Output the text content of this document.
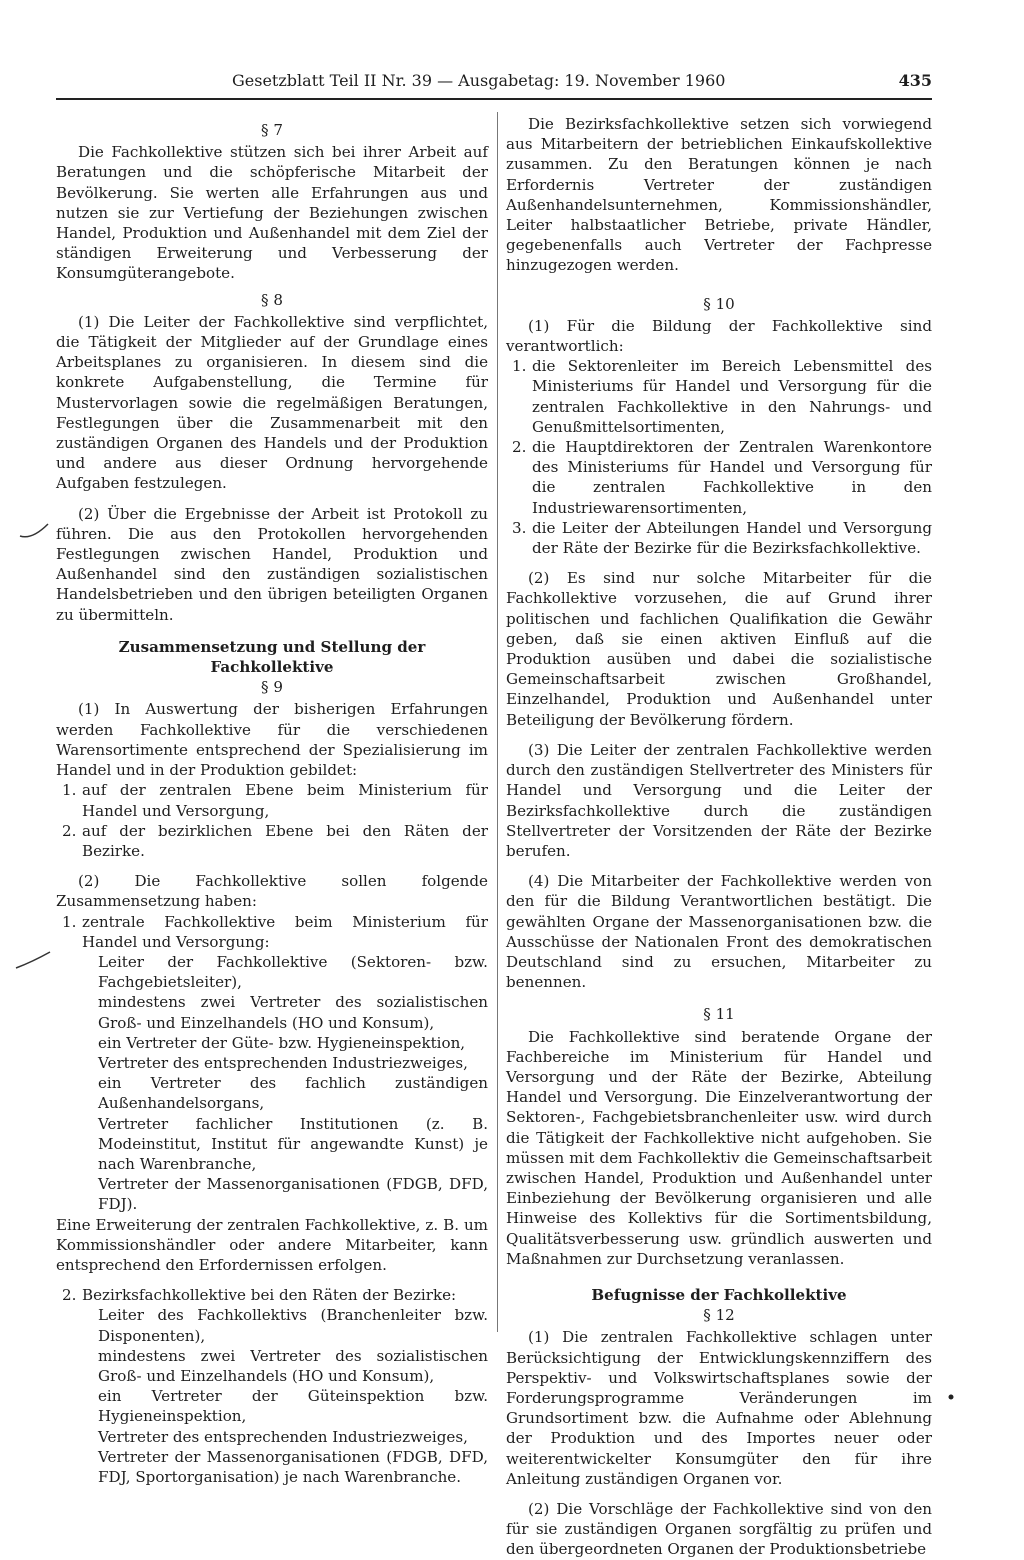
Gesetzblatt Teil II Nr. 39 — Ausgabetag: 19. November 1960	435

§ 7

Die Fachkollektive stützen sich bei ihrer Arbeit auf Beratungen und die schöpferische Mitarbeit der Bevölkerung. Sie werten alle Erfahrungen aus und nutzen sie zur Vertiefung der Beziehungen zwischen Handel, Produktion und Außenhandel mit dem Ziel der ständigen Erweiterung und Verbesserung der Konsumgüterangebote.

§ 8

(1) Die Leiter der Fachkollektive sind verpflichtet, die Tätigkeit der Mitglieder auf der Grundlage eines Arbeitsplanes zu organisieren. In diesem sind die konkrete Aufgabenstellung, die Termine für Mustervorlagen sowie die regelmäßigen Beratungen, Festlegungen über die Zusammenarbeit mit den zuständigen Organen des Handels und der Produktion und andere aus dieser Ordnung hervorgehende Aufgaben festzulegen.

(2) Über die Ergebnisse der Arbeit ist Protokoll zu führen. Die aus den Protokollen hervorgehenden Festlegungen zwischen Handel, Produktion und Außenhandel sind den zuständigen sozialistischen Handelsbetrieben und den übrigen beteiligten Organen zu übermitteln.

Zusammensetzung und Stellung der Fachkollektive
§ 9

(1) In Auswertung der bisherigen Erfahrungen werden Fachkollektive für die verschiedenen Warensortimente entsprechend der Spezialisierung im Handel und in der Produktion gebildet:

1. auf der zentralen Ebene beim Ministerium für Handel und Versorgung,
2. auf der bezirklichen Ebene bei den Räten der Bezirke.

(2) Die Fachkollektive sollen folgende Zusammensetzung haben:

1. zentrale Fachkollektive beim Ministerium für Handel und Versorgung:
Leiter der Fachkollektive (Sektoren- bzw. Fachgebietsleiter),
mindestens zwei Vertreter des sozialistischen Groß- und Einzelhandels (HO und Konsum),
ein Vertreter der Güte- bzw. Hygieneinspektion,
Vertreter des entsprechenden Industriezweiges,
ein Vertreter des fachlich zuständigen Außenhandelsorgans,
Vertreter fachlicher Institutionen (z. B. Modeinstitut, Institut für angewandte Kunst) je nach Warenbranche,
Vertreter der Massenorganisationen (FDGB, DFD, FDJ).

Eine Erweiterung der zentralen Fachkollektive, z. B. um Kommissionshändler oder andere Mitarbeiter, kann entsprechend den Erfordernissen erfolgen.

2. Bezirksfachkollektive bei den Räten der Bezirke:
Leiter des Fachkollektivs (Branchenleiter bzw. Disponenten),
mindestens zwei Vertreter des sozialistischen Groß- und Einzelhandels (HO und Konsum),
ein Vertreter der Güteinspektion bzw. Hygieneinspektion,
Vertreter des entsprechenden Industriezweiges,
Vertreter der Massenorganisationen (FDGB, DFD, FDJ, Sportorganisation) je nach Warenbranche.

Die Bezirksfachkollektive setzen sich vorwiegend aus Mitarbeitern der betrieblichen Einkaufskollektive zusammen. Zu den Beratungen können je nach Erfordernis Vertreter der zuständigen Außenhandelsunternehmen, Kommissionshändler, Leiter halbstaatlicher Betriebe, private Händler, gegebenenfalls auch Vertreter der Fachpresse hinzugezogen werden.

§ 10

(1) Für die Bildung der Fachkollektive sind verantwortlich:

1. die Sektorenleiter im Bereich Lebensmittel des Ministeriums für Handel und Versorgung für die zentralen Fachkollektive in den Nahrungs- und Genußmittelsortimenten,
2. die Hauptdirektoren der Zentralen Warenkontore des Ministeriums für Handel und Versorgung für die zentralen Fachkollektive in den Industriewarensortimenten,
3. die Leiter der Abteilungen Handel und Versorgung der Räte der Bezirke für die Bezirksfachkollektive.

(2) Es sind nur solche Mitarbeiter für die Fachkollektive vorzusehen, die auf Grund ihrer politischen und fachlichen Qualifikation die Gewähr geben, daß sie einen aktiven Einfluß auf die Produktion ausüben und dabei die sozialistische Gemeinschaftsarbeit zwischen Großhandel, Einzelhandel, Produktion und Außenhandel unter Beteiligung der Bevölkerung fördern.

(3) Die Leiter der zentralen Fachkollektive werden durch den zuständigen Stellvertreter des Ministers für Handel und Versorgung und die Leiter der Bezirksfachkollektive durch die zuständigen Stellvertreter der Vorsitzenden der Räte der Bezirke berufen.

(4) Die Mitarbeiter der Fachkollektive werden von den für die Bildung Verantwortlichen bestätigt. Die gewählten Organe der Massenorganisationen bzw. die Ausschüsse der Nationalen Front des demokratischen Deutschland sind zu ersuchen, Mitarbeiter zu benennen.

§ 11

Die Fachkollektive sind beratende Organe der Fachbereiche im Ministerium für Handel und Versorgung und der Räte der Bezirke, Abteilung Handel und Versorgung. Die Einzelverantwortung der Sektoren-, Fachgebietsbranchenleiter usw. wird durch die Tätigkeit der Fachkollektive nicht aufgehoben. Sie müssen mit dem Fachkollektiv die Gemeinschaftsarbeit zwischen Handel, Produktion und Außenhandel unter Einbeziehung der Bevölkerung organisieren und alle Hinweise des Kollektivs für die Sortimentsbildung, Qualitätsverbesserung usw. gründlich auswerten und Maßnahmen zur Durchsetzung veranlassen.

Befugnisse der Fachkollektive
§ 12

(1) Die zentralen Fachkollektive schlagen unter Berücksichtigung der Entwicklungskennziffern des Perspektiv- und Volkswirtschaftsplanes sowie der Forderungsprogramme Veränderungen im Grundsortiment bzw. die Aufnahme oder Ablehnung der Produktion und des Importes neuer oder weiterentwickelter Konsumgüter den für ihre Anleitung zuständigen Organen vor.

(2) Die Vorschläge der Fachkollektive sind von den für sie zuständigen Organen sorgfältig zu prüfen und den übergeordneten Organen der Produktionsbetriebe
